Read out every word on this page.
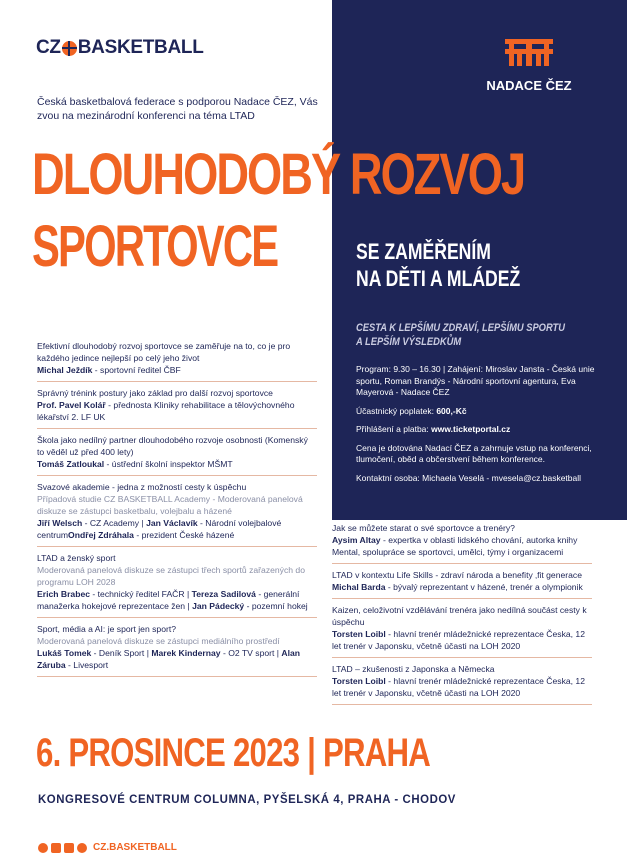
CZ BASKETBALL
NADACE ČEZ
Česká basketbalová federace s podporou Nadace ČEZ, Vás zvou na mezinárodní konferenci na téma LTAD
DLOUHODOBÝ ROZVOJ
SPORTOVCE	SE ZAMĚŘENÍM
NA DĚTI A MLÁDEŽ
CESTA K LEPŠÍMU ZDRAVÍ, LEPŠÍMU SPORTU
A LEPŠÍM VÝSLEDKŮM

Program: 9.30 – 16.30 | Zahájení: Miroslav Jansta - Česká unie sportu, Roman Brandýs - Národní sportovní agentura, Eva Mayerová - Nadace ČEZ

Účastnický poplatek: 600,-Kč

Přihlášení a platba: www.ticketportal.cz

Cena je dotována Nadací ČEZ a zahrnuje vstup na konferenci, tlumočení, oběd a občerstvení během konference.

Kontaktní osoba: Michaela Veselá - mvesela@cz.basketball

Efektivní dlouhodobý rozvoj sportovce se zaměřuje na to, co je pro každého jedince nejlepší po celý jeho život
Michal Ježdík - sportovní ředitel ČBF
Správný trénink postury jako základ pro další rozvoj sportovce
Prof. Pavel Kolář - přednosta Kliniky rehabilitace a tělovýchovného lékařství 2. LF UK
Škola jako nedílný partner dlouhodobého rozvoje osobnosti (Komenský to věděl už před 400 lety)
Tomáš Zatloukal - ústřední školní inspektor MŠMT
Svazové akademie - jedna z možností cesty k úspěchu
Případová studie CZ BASKETBALL Academy - Moderovaná panelová diskuze se zástupci basketbalu, volejbalu a házené
Jiří Welsch - CZ Academy | Jan Václavík - Národní volejbalové centrumOndřej Zdráhala - prezident České házené
LTAD a ženský sport
Moderovaná panelová diskuze se zástupci třech sportů zařazených do programu LOH 2028
Erich Brabec - technický ředitel FAČR | Tereza Sadilová - generální manažerka hokejové reprezentace žen | Jan Pádecký - pozemní hokej
Sport, média a AI: je sport jen sport?
Moderovaná panelová diskuze se zástupci mediálního prostředí
Lukáš Tomek - Deník Sport | Marek Kindernay - O2 TV sport | Alan Záruba - Livesport
Jak se můžete starat o své sportovce a trenéry?
Aysim Altay - expertka v oblasti lidského chování, autorka knihy Mental, spolupráce se sportovci, umělci, týmy i organizacemi
LTAD v kontextu Life Skills - zdraví národa a benefity ‚fit generace
Michal Barda - bývalý reprezentant v házené, trenér a olympionik
Kaizen, celoživotní vzdělávání trenéra jako nedílná součást cesty k úspěchu
Torsten Loibl - hlavní trenér mládežnické reprezentace Česka, 12 let trenér v Japonsku, včetně účasti na LOH 2020
LTAD – zkušenosti z Japonska a Německa
Torsten Loibl - hlavní trenér mládežnické reprezentace Česka, 12 let trenér v Japonsku, včetně účasti na LOH 2020
6. PROSINCE 2023 | PRAHA
KONGRESOVÉ CENTRUM COLUMNA, PYŠELSKÁ 4, PRAHA - CHODOV
CZ.BASKETBALL
